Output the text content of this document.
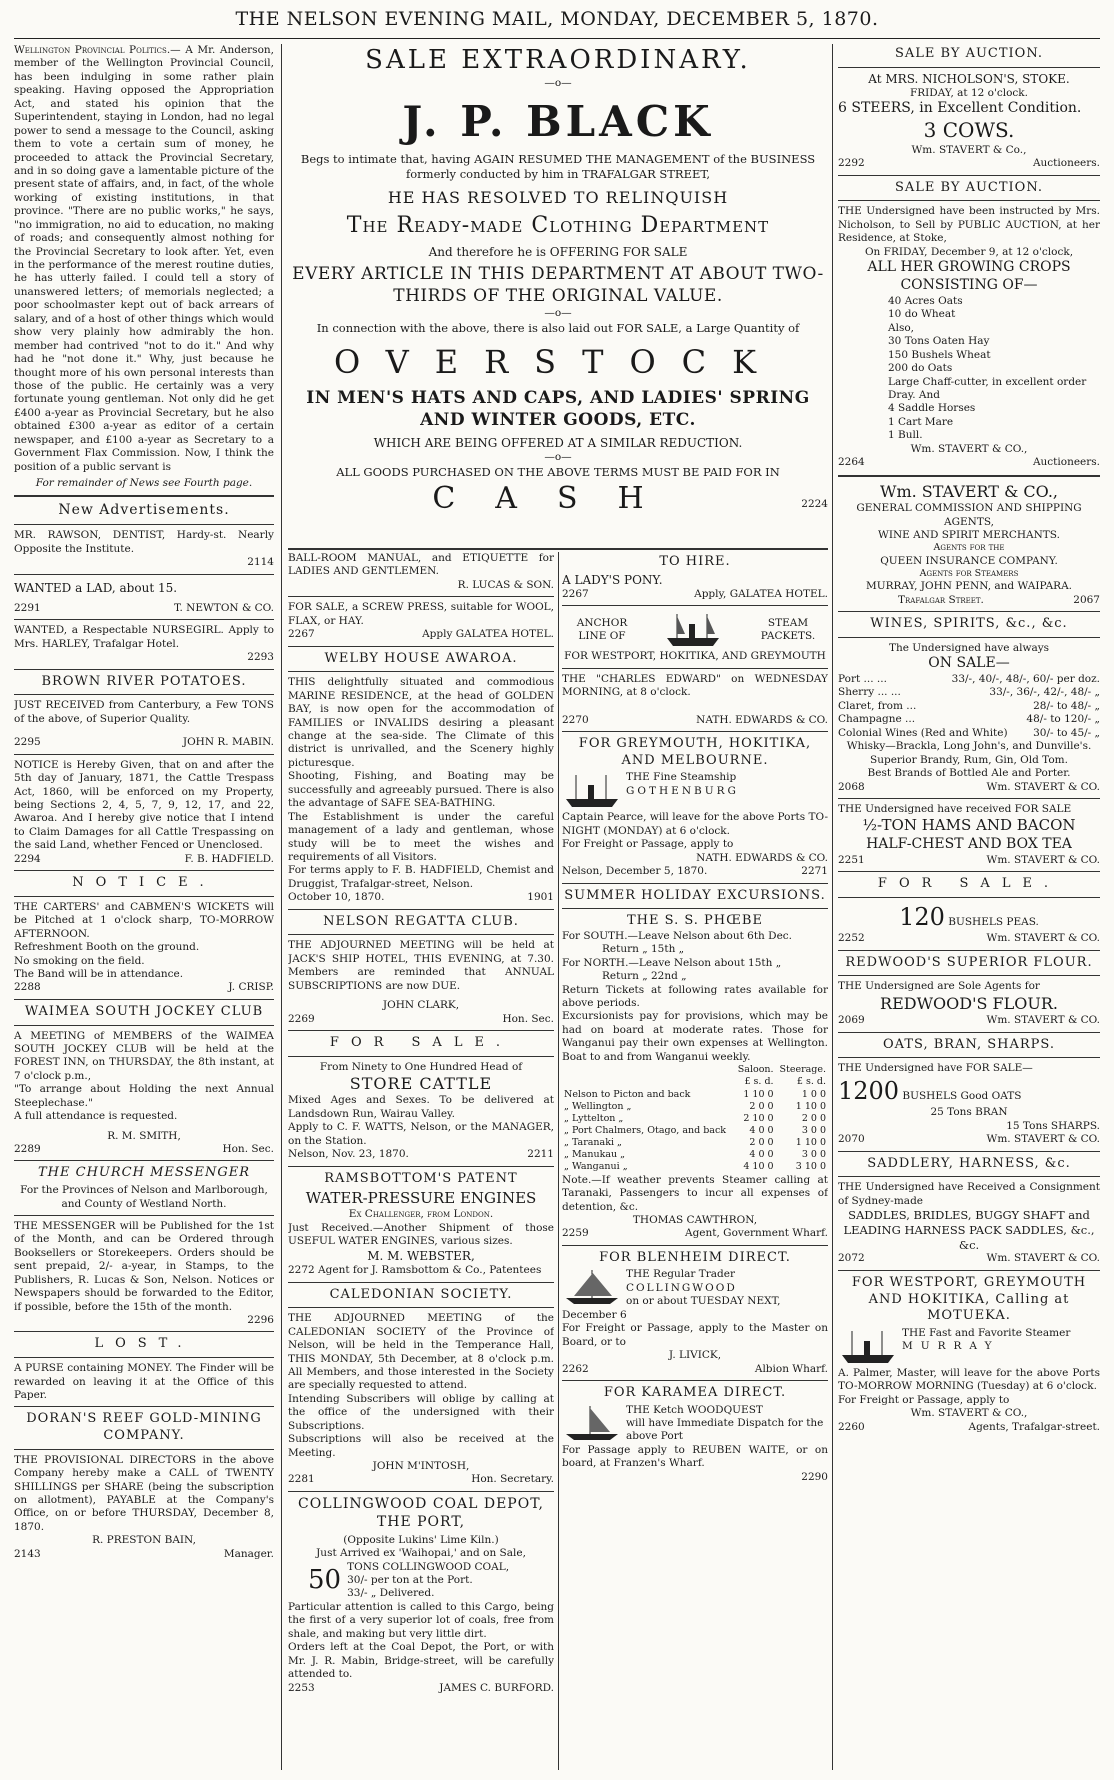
THE NELSON EVENING MAIL, MONDAY, DECEMBER 5, 1870.

Wellington Provincial Politics.— A Mr. Anderson, member of the Wellington Provincial Council, has been indulging in some rather plain speaking. Having opposed the Appropriation Act, and stated his opinion that the Superintendent, staying in London, had no legal power to send a message to the Council, asking them to vote a certain sum of money, he proceeded to attack the Provincial Secretary, and in so doing gave a lamentable picture of the present state of affairs, and, in fact, of the whole working of existing institutions, in that province. "There are no public works," he says, "no immigration, no aid to education, no making of roads; and consequently almost nothing for the Provincial Secretary to look after. Yet, even in the performance of the merest routine duties, he has utterly failed. I could tell a story of unanswered letters; of memorials neglected; a poor schoolmaster kept out of back arrears of salary, and of a host of other things which would show very plainly how admirably the hon. member had contrived "not to do it." And why had he "not done it." Why, just because he thought more of his own personal interests than those of the public. He certainly was a very fortunate young gentleman. Not only did he get £400 a-year as Provincial Secretary, but he also obtained £300 a-year as editor of a certain newspaper, and £100 a-year as Secretary to a Government Flax Commission. Now, I think the position of a public servant is

For remainder of News see Fourth page.
New Advertisements.

MR. RAWSON, DENTIST, Hardy-st. Nearly Opposite the Institute.

2114

WANTED a LAD, about 15.

2291	T. NEWTON & CO.

WANTED, a Respectable NURSEGIRL. Apply to Mrs. HARLEY, Trafalgar Hotel.

2293
BROWN RIVER POTATOES.

JUST RECEIVED from Canterbury, a Few TONS of the above, of Superior Quality.

2295	JOHN R. MABIN.

NOTICE is Hereby Given, that on and after the 5th day of January, 1871, the Cattle Trespass Act, 1860, will be enforced on my Property, being Sections 2, 4, 5, 7, 9, 12, 17, and 22, Awaroa. And I hereby give notice that I intend to Claim Damages for all Cattle Trespassing on the said Land, whether Fenced or Unenclosed.

2294	F. B. HADFIELD.
NOTICE.

THE CARTERS' and CABMEN'S WICKETS will be Pitched at 1 o'clock sharp, TO-MORROW AFTERNOON.

Refreshment Booth on the ground.
No smoking on the field.
The Band will be in attendance.
2288	J. CRISP.
WAIMEA SOUTH JOCKEY CLUB

A MEETING of MEMBERS of the WAIMEA SOUTH JOCKEY CLUB will be held at the FOREST INN, on THURSDAY, the 8th instant, at 7 o'clock p.m.,

"To arrange about Holding the next Annual Steeplechase."

A full attendance is requested.

R. M. SMITH,
2289	Hon. Sec.
THE CHURCH MESSENGER
For the Provinces of Nelson and Marlborough, and County of Westland North.

THE MESSENGER will be Published for the 1st of the Month, and can be Ordered through Booksellers or Storekeepers. Orders should be sent prepaid, 2/- a-year, in Stamps, to the Publishers, R. Lucas & Son, Nelson. Notices or Newspapers should be forwarded to the Editor, if possible, before the 15th of the month.

2296
LOST.

A PURSE containing MONEY. The Finder will be rewarded on leaving it at the Office of this Paper.

DORAN'S REEF GOLD-MINING COMPANY.

THE PROVISIONAL DIRECTORS in the above Company hereby make a CALL of TWENTY SHILLINGS per SHARE (being the subscription on allotment), PAYABLE at the Company's Office, on or before THURSDAY, December 8, 1870.

R. PRESTON BAIN,
2143	Manager.
SALE EXTRAORDINARY.
—o—
J. P. BLACK
Begs to intimate that, having AGAIN RESUMED THE MANAGEMENT of the BUSINESS formerly conducted by him in TRAFALGAR STREET,
HE HAS RESOLVED TO RELINQUISH
The Ready-made Clothing Department
And therefore he is OFFERING FOR SALE
EVERY ARTICLE IN THIS DEPARTMENT AT ABOUT TWO-THIRDS OF THE ORIGINAL VALUE.
—o—
In connection with the above, there is also laid out FOR SALE, a Large Quantity of
OVERSTOCK
IN MEN'S HATS AND CAPS, AND LADIES' SPRING AND WINTER GOODS, ETC.
WHICH ARE BEING OFFERED AT A SIMILAR REDUCTION.
—o—
ALL GOODS PURCHASED ON THE ABOVE TERMS MUST BE PAID FOR IN
CASH	2224

BALL-ROOM MANUAL, and ETIQUETTE for LADIES AND GENTLEMEN.

R. LUCAS & SON.

FOR SALE, a SCREW PRESS, suitable for WOOL, FLAX, or HAY.

2267	Apply GALATEA HOTEL.
WELBY HOUSE AWAROA.

THIS delightfully situated and commodious MARINE RESIDENCE, at the head of GOLDEN BAY, is now open for the accommodation of FAMILIES or INVALIDS desiring a pleasant change at the sea-side. The Climate of this district is unrivalled, and the Scenery highly picturesque.

Shooting, Fishing, and Boating may be successfully and agreeably pursued. There is also the advantage of SAFE SEA-BATHING.

The Establishment is under the careful management of a lady and gentleman, whose study will be to meet the wishes and requirements of all Visitors.

For terms apply to F. B. HADFIELD, Chemist and Druggist, Trafalgar-street, Nelson.

October 10, 1870.	1901
NELSON REGATTA CLUB.

THE ADJOURNED MEETING will be held at JACK'S SHIP HOTEL, THIS EVENING, at 7.30. Members are reminded that ANNUAL SUBSCRIPTIONS are now DUE.

JOHN CLARK,
2269	Hon. Sec.
FOR SALE.
From Ninety to One Hundred Head of
STORE CATTLE

Mixed Ages and Sexes. To be delivered at Landsdown Run, Wairau Valley.

Apply to C. F. WATTS, Nelson, or the MANAGER, on the Station.

Nelson, Nov. 23, 1870.	2211
RAMSBOTTOM'S PATENT
WATER-PRESSURE ENGINES
Ex Challenger, from London.

Just Received.—Another Shipment of those USEFUL WATER ENGINES, various sizes.

M. M. WEBSTER,
2272 Agent for J. Ramsbottom & Co., Patentees
CALEDONIAN SOCIETY.

THE ADJOURNED MEETING of the CALEDONIAN SOCIETY of the Province of Nelson, will be held in the Temperance Hall, THIS MONDAY, 5th December, at 8 o'clock p.m. All Members, and those interested in the Society are specially requested to attend.

Intending Subscribers will oblige by calling at the office of the undersigned with their Subscriptions.

Subscriptions will also be received at the Meeting.

JOHN M'INTOSH,
2281	Hon. Secretary.
COLLINGWOOD COAL DEPOT, THE PORT,
(Opposite Lukins' Lime Kiln.)
Just Arrived ex 'Waihopai,' and on Sale,
50 TONS COLLINGWOOD COAL,
30/- per ton at the Port.
33/- „ Delivered.

Particular attention is called to this Cargo, being the first of a very superior lot of coals, free from shale, and making but very little dirt.

Orders left at the Coal Depot, the Port, or with Mr. J. R. Mabin, Bridge-street, will be carefully attended to.

2253	JAMES C. BURFORD.
TO HIRE.
A LADY'S PONY.
2267	Apply, GALATEA HOTEL.
ANCHOR LINE OF
STEAM PACKETS.
FOR WESTPORT, HOKITIKA, AND GREYMOUTH

THE "CHARLES EDWARD" on WEDNESDAY MORNING, at 8 o'clock.

2270	NATH. EDWARDS & CO.
FOR GREYMOUTH, HOKITIKA, AND MELBOURNE.
THE Fine Steamship
GOTHENBURG

Captain Pearce, will leave for the above Ports TO-NIGHT (MONDAY) at 6 o'clock.

For Freight or Passage, apply to

NATH. EDWARDS & CO.
Nelson, December 5, 1870.	2271
SUMMER HOLIDAY EXCURSIONS.
THE S. S. PHŒBE
For SOUTH.—Leave Nelson about 6th Dec.
Return „ 15th „
For NORTH.—Leave Nelson about 15th „
Return „ 22nd „

Return Tickets at following rates available for above periods.

Excursionists pay for provisions, which may be had on board at moderate rates. Those for Wanganui pay their own expenses at Wellington. Boat to and from Wanganui weekly.

	Saloon.	Steerage.
	£ s. d.	£ s. d.
Nelson to Picton and back	1 10 0	1 0 0
„ Wellington „	2 0 0	1 10 0
„ Lyttelton „	2 10 0	2 0 0
„ Port Chalmers, Otago, and back	4 0 0	3 0 0
„ Taranaki „	2 0 0	1 10 0
„ Manukau „	4 0 0	3 0 0
„ Wanganui „	4 10 0	3 10 0

Note.—If weather prevents Steamer calling at Taranaki, Passengers to incur all expenses of detention, &c.

THOMAS CAWTHRON,
2259	Agent, Government Wharf.
FOR BLENHEIM DIRECT.
THE Regular Trader
COLLINGWOOD
on or about TUESDAY NEXT, December 6

For Freight or Passage, apply to the Master on Board, or to

J. LIVICK,
2262	Albion Wharf.
FOR KARAMEA DIRECT.
THE Ketch WOODQUEST
will have Immediate Dispatch for the above Port

For Passage apply to REUBEN WAITE, or on board, at Franzen's Wharf.

2290
SALE BY AUCTION.
At MRS. NICHOLSON'S, STOKE.
FRIDAY, at 12 o'clock.
6 STEERS, in Excellent Condition.
3 COWS.
Wm. STAVERT & Co.,
2292	Auctioneers.
SALE BY AUCTION.

THE Undersigned have been instructed by Mrs. Nicholson, to Sell by PUBLIC AUCTION, at her Residence, at Stoke,

On FRIDAY, December 9, at 12 o'clock,
ALL HER GROWING CROPS CONSISTING OF—
40 Acres Oats
10 do Wheat
Also,
30 Tons Oaten Hay
150 Bushels Wheat
200 do Oats
Large Chaff-cutter, in excellent order
Dray. And
4 Saddle Horses
1 Cart Mare
1 Bull.
Wm. STAVERT & CO.,
2264	Auctioneers.
Wm. STAVERT & CO.,
GENERAL COMMISSION AND SHIPPING AGENTS,
WINE AND SPIRIT MERCHANTS.
Agents for the
QUEEN INSURANCE COMPANY.
Agents for Steamers
MURRAY, JOHN PENN, and WAIPARA.
Trafalgar Street.	2067
WINES, SPIRITS, &c., &c.
The Undersigned have always
ON SALE—
Port ... ...	33/-, 40/-, 48/-, 60/- per doz.
Sherry ... ...	33/-, 36/-, 42/-, 48/- „
Claret, from ...	28/- to 48/- „
Champagne ...	48/- to 120/- „
Colonial Wines (Red and White) 30/- to 45/- „
Whisky—Brackla, Long John's, and Dunville's.
Superior Brandy, Rum, Gin, Old Tom.
Best Brands of Bottled Ale and Porter.
2068	Wm. STAVERT & CO.

THE Undersigned have received FOR SALE

½-TON HAMS AND BACON
HALF-CHEST AND BOX TEA
2251	Wm. STAVERT & CO.
FOR SALE.
120 BUSHELS PEAS.
2252	Wm. STAVERT & CO.
REDWOOD'S SUPERIOR FLOUR.

THE Undersigned are Sole Agents for

REDWOOD'S FLOUR.
2069	Wm. STAVERT & CO.
OATS, BRAN, SHARPS.

THE Undersigned have FOR SALE—

1200 BUSHELS Good OATS
25 Tons BRAN
15 Tons SHARPS.
2070	Wm. STAVERT & CO.
SADDLERY, HARNESS, &c.

THE Undersigned have Received a Consignment of Sydney-made

SADDLES, BRIDLES, BUGGY SHAFT and LEADING HARNESS PACK SADDLES, &c., &c.
2072	Wm. STAVERT & CO.
FOR WESTPORT, GREYMOUTH AND HOKITIKA, Calling at MOTUEKA.
THE Fast and Favorite Steamer
MURRAY

A. Palmer, Master, will leave for the above Ports TO-MORROW MORNING (Tuesday) at 6 o'clock.

For Freight or Passage, apply to

Wm. STAVERT & CO.,
2260	Agents, Trafalgar-street.
